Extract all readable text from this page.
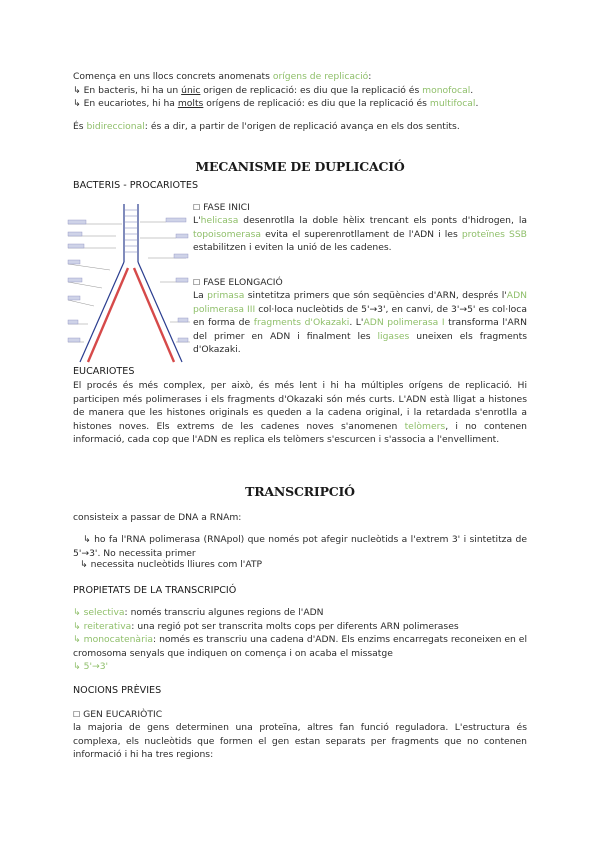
Comença en uns llocs concrets anomenats orígens de replicació:
↳ En bacteris, hi ha un únic origen de replicació: es diu que la replicació és monofocal.
↳ En eucariotes, hi ha molts orígens de replicació: es diu que la replicació és multifocal.
És bidireccional: és a dir, a partir de l'origen de replicació avança en els dos sentits.
MECANISME DE DUPLICACIÓ
BACTERIS - PROCARIOTES
☐ FASE INICI
L'helicasa desenrotlla la doble hèlix trencant els ponts d'hidrogen, la topoisomerasa evita el superenrotllament de l'ADN i les proteïnes SSB estabilitzen i eviten la unió de les cadenes.
☐ FASE ELONGACIÓ
La primasa sintetitza primers que són seqüències d'ARN, després l'ADN polimerasa III col·loca nucleòtids de 5'→3', en canvi, de 3'→5' es col·loca en forma de fragments d'Okazaki. L'ADN polimerasa I transforma l'ARN del primer en ADN i finalment les ligases uneixen els fragments d'Okazaki.
EUCARIOTES
El procés és més complex, per això, és més lent i hi ha múltiples orígens de replicació. Hi participen més polimerases i els fragments d'Okazaki són més curts. L'ADN està lligat a histones de manera que les histones originals es queden a la cadena original, i la retardada s'enrotlla a histones noves. Els extrems de les cadenes noves s'anomenen telòmers, i no contenen informació, cada cop que l'ADN es replica els telòmers s'escurcen i s'associa a l'envelliment.
TRANSCRIPCIÓ
consisteix a passar de DNA a RNAm:
↳ ho fa l'RNA polimerasa (RNApol) que només pot afegir nucleòtids a l'extrem 3' i sintetitza de 5'→3'. No necessita primer
↳ necessita nucleòtids lliures com l'ATP
PROPIETATS DE LA TRANSCRIPCIÓ
↳ selectiva: només transcriu algunes regions de l'ADN
↳ reiterativa: una regió pot ser transcrita molts cops per diferents ARN polimerases
↳ monocatenària: només es transcriu una cadena d'ADN. Els enzims encarregats reconeixen en el cromosoma senyals que indiquen on comença i on acaba el missatge
↳ 5'→3'
NOCIONS PRÈVIES
☐ GEN EUCARIÒTIC
la majoria de gens determinen una proteïna, altres fan funció reguladora. L'estructura és complexa, els nucleòtids que formen el gen estan separats per fragments que no contenen informació i hi ha tres regions:
